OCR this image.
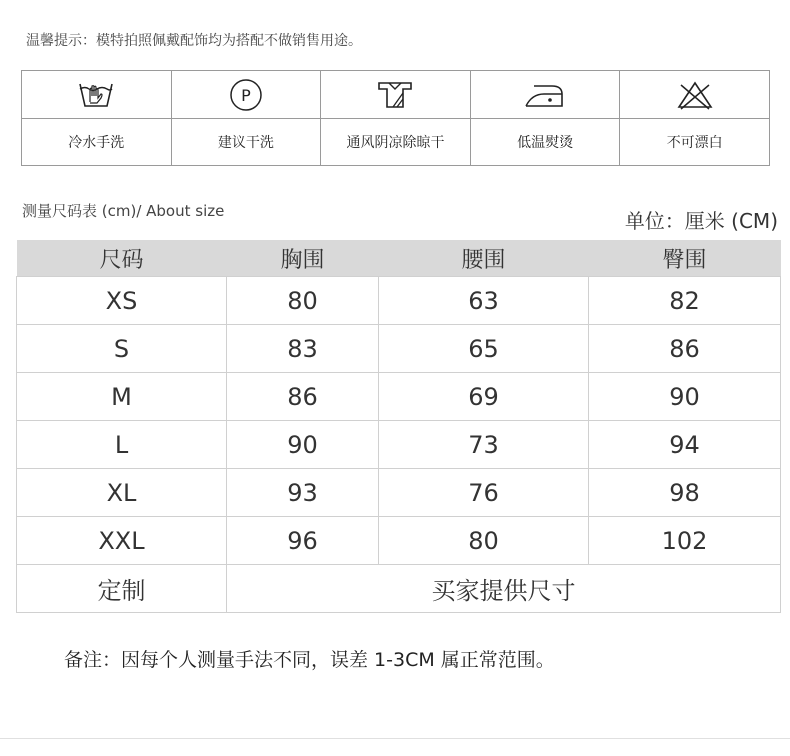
温馨提示：模特拍照佩戴配饰均为搭配不做销售用途。

P

冷水手洗	建议干洗	通风阴凉除晾干	低温熨烫	不可漂白
测量尺码表 (cm)/ About size	单位：厘米 (CM)
尺码	胸围	腰围	臀围
XS	80	63	82
S	83	65	86
M	86	69	90
L	90	73	94
XL	93	76	98
XXL	96	80	102
定制	买家提供尺寸		
备注：因每个人测量手法不同，误差 1-3CM 属正常范围。
